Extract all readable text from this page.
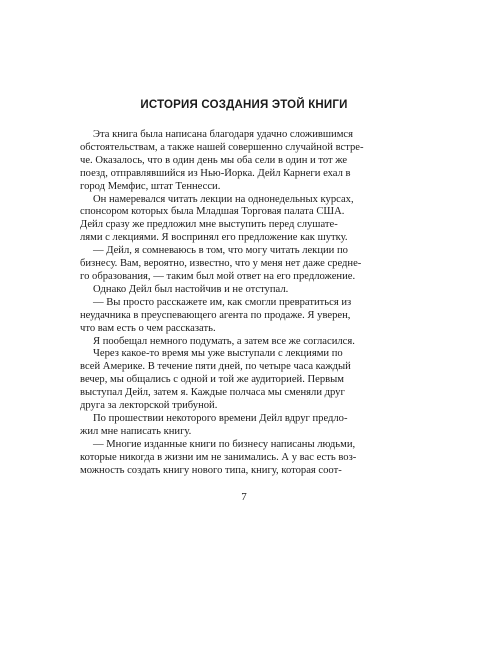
ИСТОРИЯ СОЗДАНИЯ ЭТОЙ КНИГИ

Эта книга была написана благодаря удачно сложившимся
обстоятельствам, а также нашей совершенно случайной встре-
че. Оказалось, что в один день мы оба сели в один и тот же
поезд, отправлявшийся из Нью-Йорка. Дейл Карнеги ехал в
город Мемфис, штат Теннесси.

Он намеревался читать лекции на однонедельных курсах,
спонсором которых была Младшая Торговая палата США.
Дейл сразу же предложил мне выступить перед слушате-
лями с лекциями. Я воспринял его предложение как шутку.

— Дейл, я сомневаюсь в том, что могу читать лекции по
бизнесу. Вам, вероятно, известно, что у меня нет даже средне-
го образования, — таким был мой ответ на его предложение.

Однако Дейл был настойчив и не отступал.

— Вы просто расскажете им, как смогли превратиться из
неудачника в преуспевающего агента по продаже. Я уверен,
что вам есть о чем рассказать.

Я пообещал немного подумать, а затем все же согласился.

Через какое-то время мы уже выступали с лекциями по
всей Америке. В течение пяти дней, по четыре часа каждый
вечер, мы общались с одной и той же аудиторией. Первым
выступал Дейл, затем я. Каждые полчаса мы сменяли друг
друга за лекторской трибуной.

По прошествии некоторого времени Дейл вдруг предло-
жил мне написать книгу.

— Многие изданные книги по бизнесу написаны людьми,
которые никогда в жизни им не занимались. А у вас есть воз-
можность создать книгу нового типа, книгу, которая соот-

7
